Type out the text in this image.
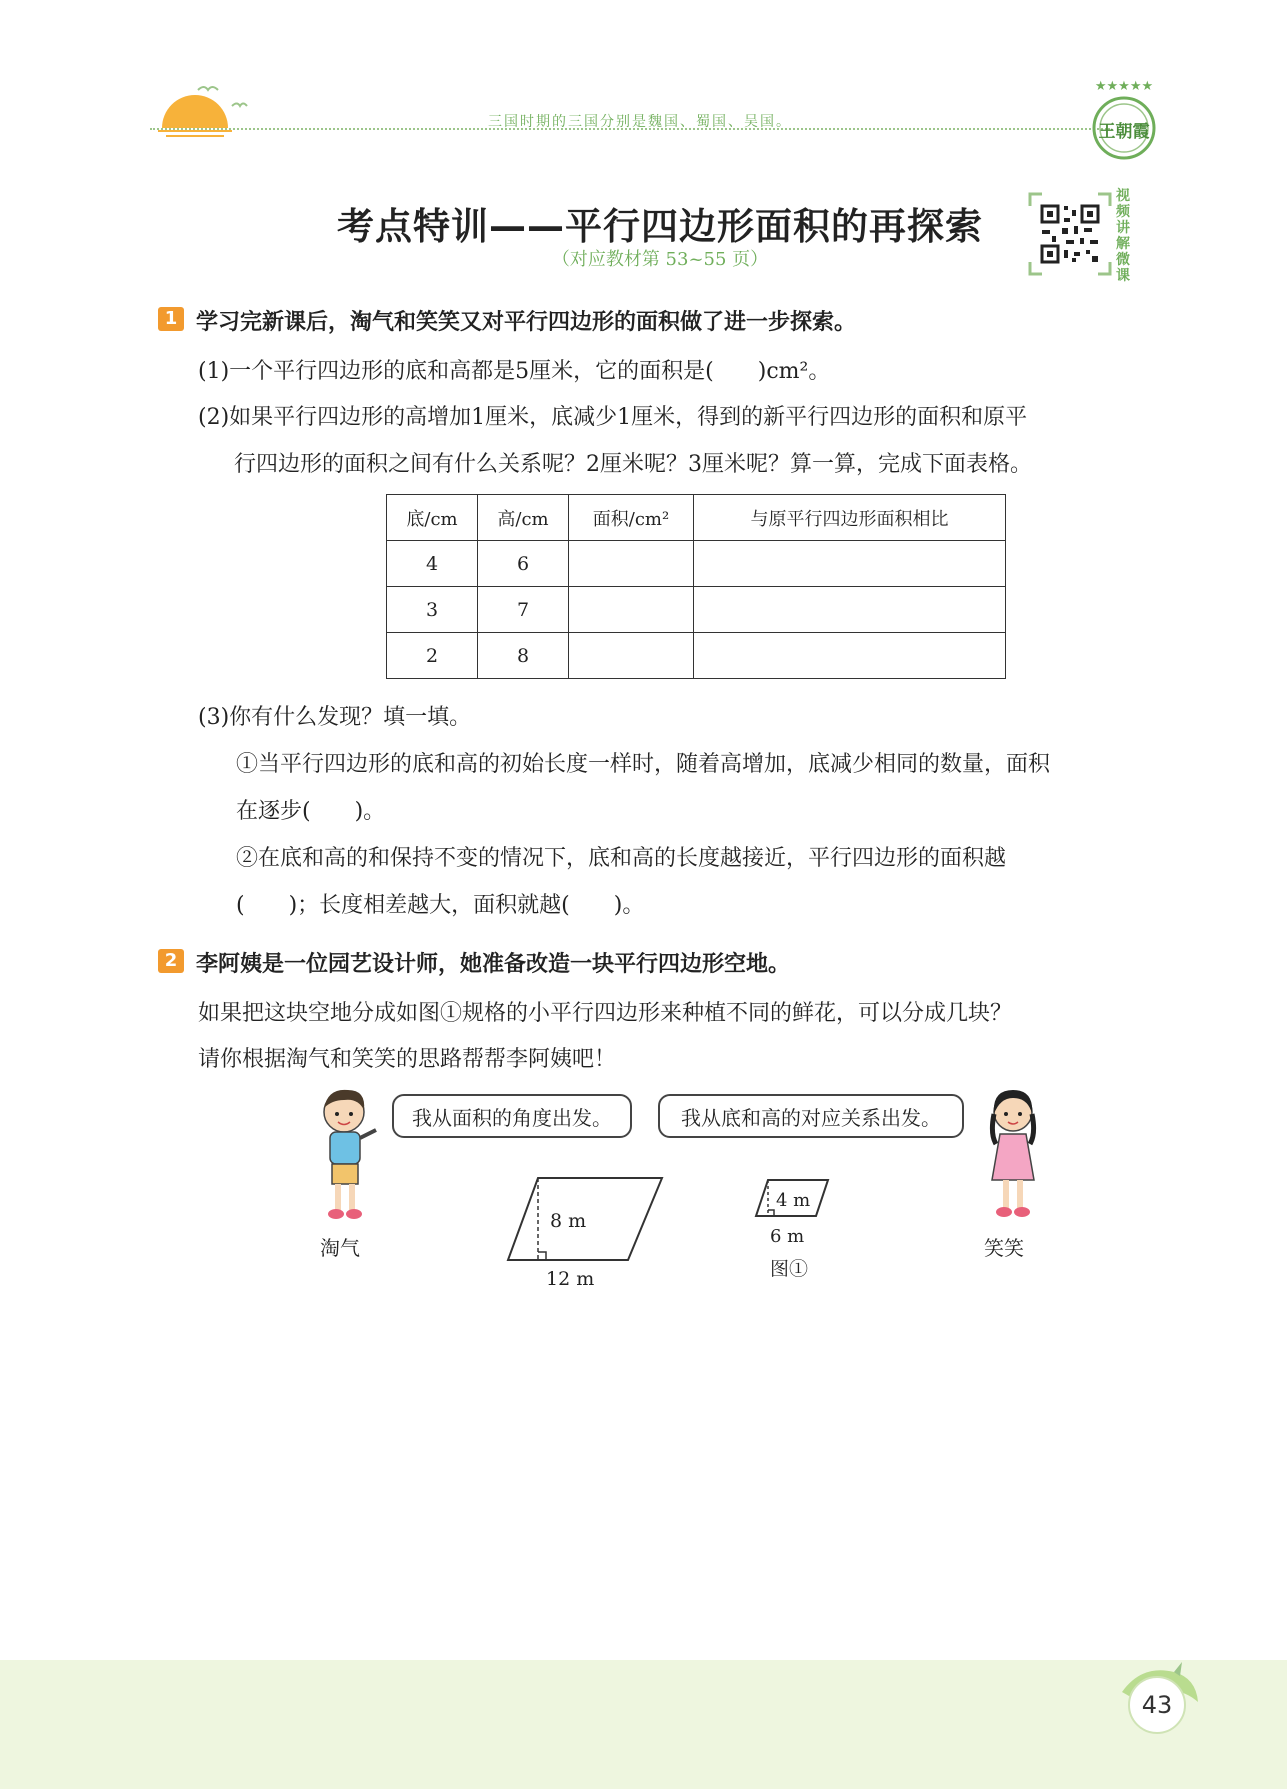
三国时期的三国分别是魏国、蜀国、吴国。
★★★★★
王朝霞
考点特训——平行四边形面积的再探索
（对应教材第 53~55 页）
视频讲解微课
1 学习完新课后，淘气和笑笑又对平行四边形的面积做了进一步探索。
(1)一个平行四边形的底和高都是5厘米，它的面积是(　　)cm²。
(2)如果平行四边形的高增加1厘米，底减少1厘米，得到的新平行四边形的面积和原平
行四边形的面积之间有什么关系呢？2厘米呢？3厘米呢？算一算，完成下面表格。
底/cm	高/cm	面积/cm²	与原平行四边形面积相比
4	6		
3	7		
2	8		
(3)你有什么发现？填一填。
①当平行四边形的底和高的初始长度一样时，随着高增加，底减少相同的数量，面积
在逐步(　　)。
②在底和高的和保持不变的情况下，底和高的长度越接近，平行四边形的面积越
(　　)；长度相差越大，面积就越(　　)。
2 李阿姨是一位园艺设计师，她准备改造一块平行四边形空地。
如果把这块空地分成如图①规格的小平行四边形来种植不同的鲜花，可以分成几块？
请你根据淘气和笑笑的思路帮帮李阿姨吧！
淘气	笑笑
我从面积的角度出发。	我从底和高的对应关系出发。
8 m
12 m
4 m
6 m
图①
43
